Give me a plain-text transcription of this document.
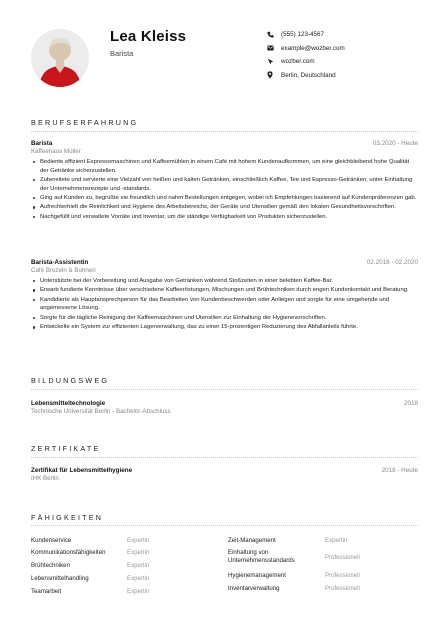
Lea Kleiss
Barista
(555) 123-4567
example@wozber.com
wozber.com
Berlin, Deutschland
BERUFSERFAHRUNG
Barista	03.2020 - Heute
Kaffeehaus Müller
Bediente effizient Espressomaschinen und Kaffeemühlen in einem Café mit hohem Kundenaufkommen, um eine gleichbleibend hohe Qualität der Getränke sicherzustellen.
Zubereitete und servierte eine Vielzahl von heißen und kalten Getränken, einschließlich Kaffee, Tee und Espresso-Getränken, unter Einhaltung der Unternehmensrezepte und -standards.
Ging auf Kunden zu, begrüßte sie freundlich und nahm Bestellungen entgegen, wobei ich Empfehlungen basierend auf Kundenpräferenzen gab.
Aufrechterhielt die Reinlichkeit und Hygiene des Arbeitsbereichs, der Geräte und Utensilien gemäß den lokalen Gesundheitsvorschriften.
Nachgefüllt und verwaltete Vorräte und Inventar, um die ständige Verfügbarkeit von Produkten sicherzustellen.
Barista-Assistentin	02.2018 - 02.2020
Café Brezeln & Bohnen
Unterstützte bei der Vorbereitung und Ausgabe von Getränken während Stoßzeiten in einer belebten Kaffee-Bar.
Erwarb fundierte Kenntnisse über verschiedene Kaffeeröstungen, Mischungen und Brühtechniken durch engen Kundenkontakt und Beratung.
Kandidierte als Hauptansprechperson für das Bearbeiten von Kundenbeschwerden oder Anliegen und sorgte für eine umgehende und angemessene Lösung.
Sorgte für die tägliche Reinigung der Kaffeemaschinen und Utensilien zur Einhaltung der Hygienevorschriften.
Entwickelte ein System zur effizienten Lagerverwaltung, das zu einer 15-prozentigen Reduzierung des Abfallanteils führte.
BILDUNGSWEG
Lebensmitteltechnologie	2018
Technische Universität Berlin - Bachelor-Abschluss
ZERTIFIKATE
Zertifikat für Lebensmittelhygiene	2018 - Heute
IHK Berlin
FÄHIGKEITEN
Kundenservice	Expertin
Kommunikationsfähigkeiten	Expertin
Brühtechniken	Expertin
Lebensmittelhandling	Expertin
Teamarbeit	Expertin
Zeit-Management	Expertin
Einhaltung von Unternehmensstandards	Professionell
Hygienemanagement	Professionell
Inventarverwaltung	Professionell
